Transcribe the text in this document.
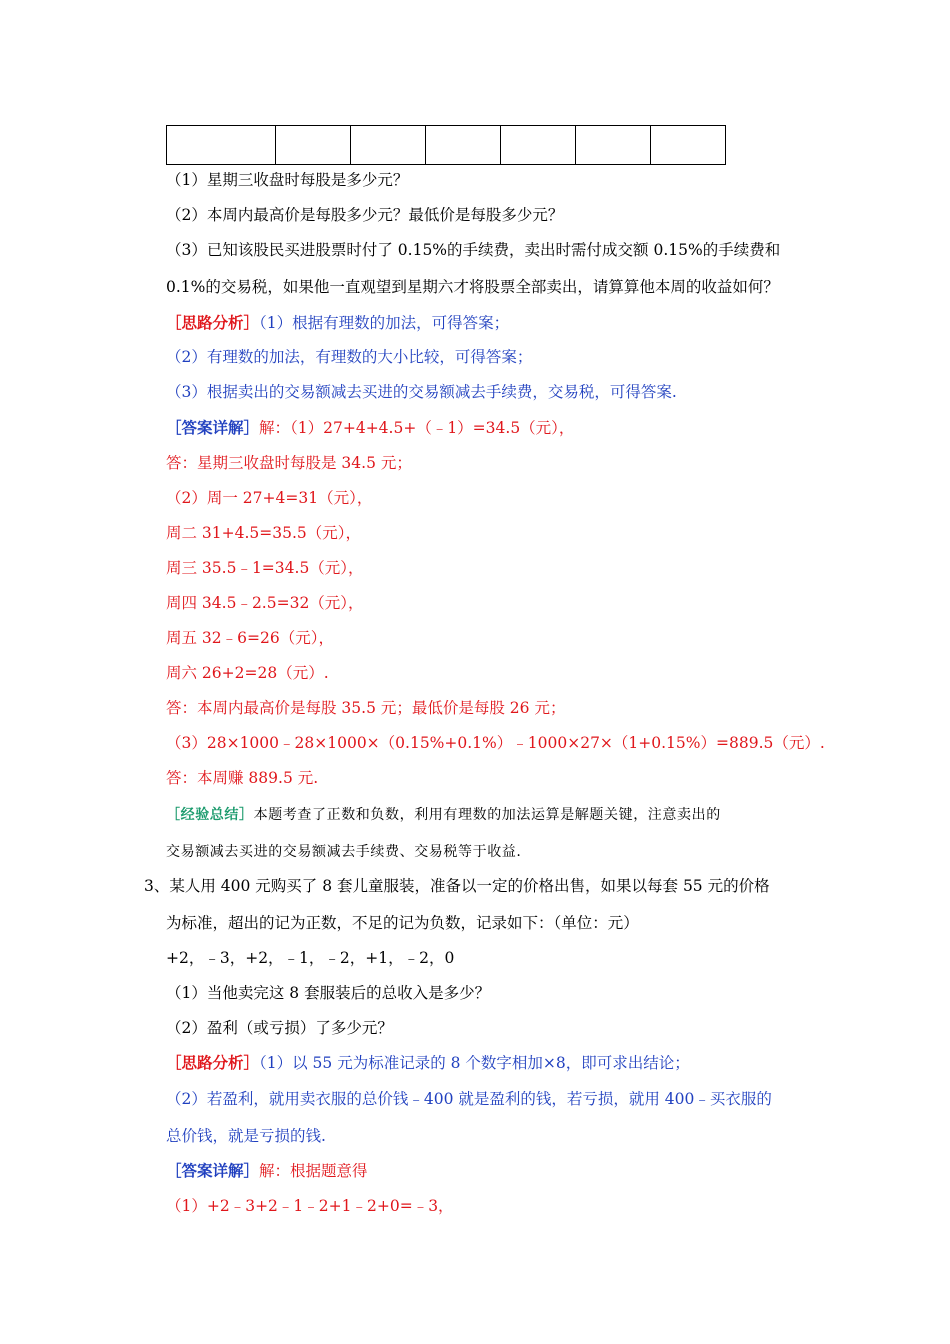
（1）星期三收盘时每股是多少元？
（2）本周内最高价是每股多少元？最低价是每股多少元？
（3）已知该股民买进股票时付了 0.15%的手续费，卖出时需付成交额 0.15%的手续费和
0.1%的交易税，如果他一直观望到星期六才将股票全部卖出，请算算他本周的收益如何？
［思路分析］（1）根据有理数的加法，可得答案；
（2）有理数的加法，有理数的大小比较，可得答案；
（3）根据卖出的交易额减去买进的交易额减去手续费，交易税，可得答案.
［答案详解］解：（1）27+4+4.5+（﹣1）=34.5（元），
答：星期三收盘时每股是 34.5 元；
（2）周一 27+4=31（元），
周二 31+4.5=35.5（元），
周三 35.5﹣1=34.5（元），
周四 34.5﹣2.5=32（元），
周五 32﹣6=26（元），
周六 26+2=28（元）.
答：本周内最高价是每股 35.5 元；最低价是每股 26 元；
（3）28×1000﹣28×1000×（0.15%+0.1%）﹣1000×27×（1+0.15%）=889.5（元）.
答：本周赚 889.5 元.
［经验总结］本题考查了正数和负数，利用有理数的加法运算是解题关键，注意卖出的
交易额减去买进的交易额减去手续费、交易税等于收益.
3、某人用 400 元购买了 8 套儿童服装，准备以一定的价格出售，如果以每套 55 元的价格
为标准，超出的记为正数，不足的记为负数，记录如下：（单位：元）
+2，﹣3，+2，﹣1，﹣2，+1，﹣2，0
（1）当他卖完这 8 套服装后的总收入是多少？
（2）盈利（或亏损）了多少元？
［思路分析］（1）以 55 元为标准记录的 8 个数字相加×8，即可求出结论；
（2）若盈利，就用卖衣服的总价钱﹣400 就是盈利的钱，若亏损，就用 400﹣买衣服的
总价钱，就是亏损的钱.
［答案详解］解：根据题意得
（1）+2﹣3+2﹣1﹣2+1﹣2+0=﹣3，
